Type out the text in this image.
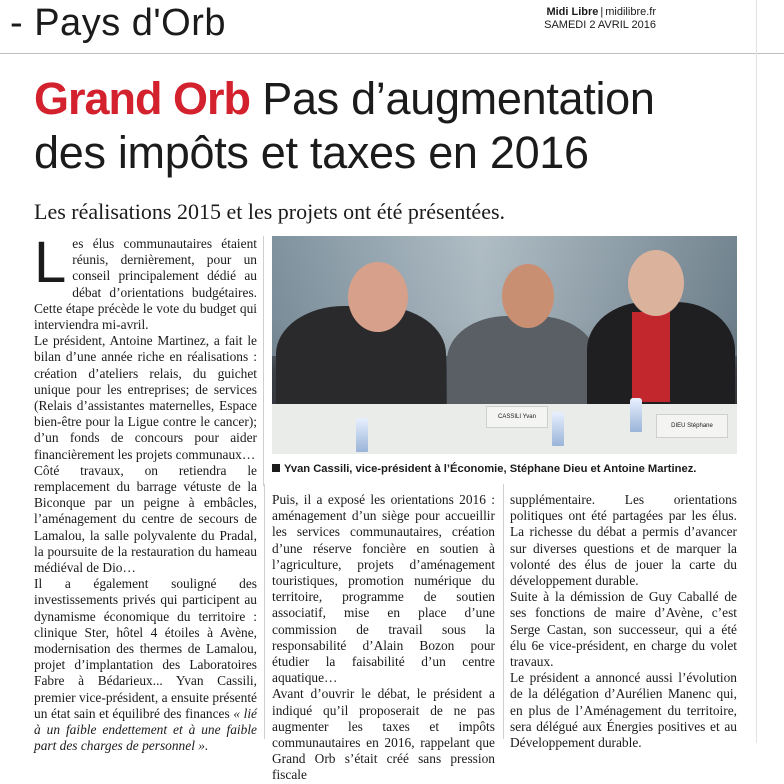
- Pays d'Orb	Midi Libre | midilibre.fr
SAMEDI 2 AVRIL 2016
Grand Orb Pas d’augmentation
des impôts et taxes en 2016
Les réalisations 2015 et les projets ont été présentées.
L es élus communautaires étaient réunis, dernièrement, pour un conseil principalement dédié au débat d’orientations budgétaires. Cette étape précède le vote du budget qui interviendra mi-avril.

Le président, Antoine Martinez, a fait le bilan d’une année riche en réalisations : création d’ateliers relais, du guichet unique pour les entreprises; de services (Relais d’assistantes maternelles, Espace bien-être pour la Ligue contre le cancer); d’un fonds de concours pour aider financièrement les projets communaux…

Côté travaux, on retiendra le remplacement du barrage vétuste de la Biconque par un peigne à embâcles, l’aménagement du centre de secours de Lamalou, la salle polyvalente du Pradal, la poursuite de la restauration du hameau médiéval de Dio…

Il a également souligné des investissements privés qui participent au dynamisme économique du territoire : clinique Ster, hôtel 4 étoiles à Avène, modernisation des thermes de Lamalou, projet d’implantation des Laboratoires Fabre à Bédarieux... Yvan Cassili, premier vice-président, a ensuite présenté un état sain et équilibré des finances « lié à un faible endettement et à une faible part des charges de personnel ».

CASSILI Yvan
DIEU Stéphane
Yvan Cassili, vice-président à l’Économie, Stéphane Dieu et Antoine Martinez.

Puis, il a exposé les orientations 2016 : aménagement d’un siège pour accueillir les services communautaires, création d’une réserve foncière en soutien à l’agriculture, projets d’aménagement touristiques, promotion numérique du territoire, programme de soutien associatif, mise en place d’une commission de travail sous la responsabilité d’Alain Bozon pour étudier la faisabilité d’un centre aquatique…

Avant d’ouvrir le débat, le président a indiqué qu’il proposerait de ne pas augmenter les taxes et impôts communautaires en 2016, rappelant que Grand Orb s’était créé sans pression fiscale

supplémentaire. Les orientations politiques ont été partagées par les élus. La richesse du débat a permis d’avancer sur diverses questions et de marquer la volonté des élus de jouer la carte du développement durable.

Suite à la démission de Guy Caballé de ses fonctions de maire d’Avène, c’est Serge Castan, son successeur, qui a été élu 6e vice-président, en charge du volet travaux.

Le président a annoncé aussi l’évolution de la délégation d’Aurélien Manenc qui, en plus de l’Aménagement du territoire, sera délégué aux Énergies positives et au Développement durable.
